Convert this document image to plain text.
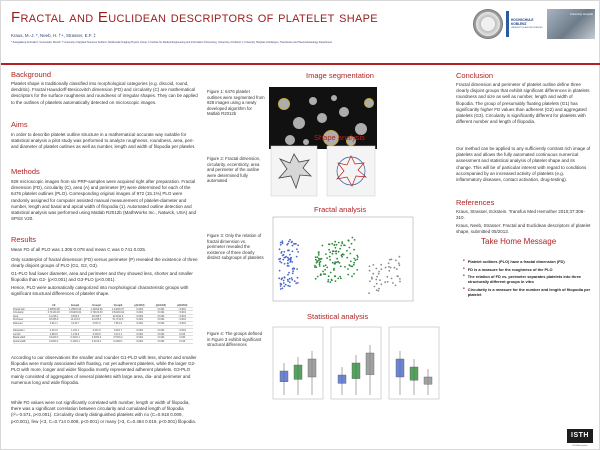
Fractal and Euclidean descriptors of platelet shape
Kraus, M.-J. *, Neeb, H. †+, Strasser, E.F. ‡
* Zweigdalerg Ambulanz, Gruenwald, Munich † University of Applied Sciences Koblenz, Multimodal Imaging Physics Group ‡ Institute for Medical Engineering and Information Processing, University of Koblenz ‡ University Hospital of Erlangen, Transfusion and Haemostaseology Department
HOCHSCHULE
KOBLENZ
UNIVERSITY OF APPLIED SCIENCES
University Hospital
Background
Platelet shape is traditionally classified into morphological categories (e.g. discoid, round, dendritic). Fractal Hausdorff-Besicovitch dimension (FD) and circularity (C) are mathematical descriptors for the surface roughness and roundness of irregular shapes. They can be applied to the outlines of platelets automatically detected on microscopic images.
Aims
In order to describe platelet outline structure in a mathematical accurate way suitable for statistical analysis a pilot study was performed to analyze roughness, roundness, area, peri- and diameter of platelet outlines as well as number, length and width of filopodia per platelet.
Methods
928 microscopic images from six PRP-samples were acquired right after preparation. Fractal dimension (FD), circularity (C), area (A) and perimeter (P) were determined for each of the 6476 platelet outlines (PLO). Corresponding original images of 972 (15.1%) PLO were randomly assigned for computer assisted manual measurement of platelet-diameter and number, length and basal and apical width of filopodia (1). Automated outline detection and statistical analysis was performed using Matlab R2012b (MathWorks Inc., Natwick, USA) and SPSS V20.
Results
Mean FD of all PLO was 1.305 0.078 and mean C was 0.741 0.025.
Only scatterplot of fractal dimension (FD) versus perimeter (P) revealed the existence of three clearly disjoint groups of PLO (G1, G2, G3).
G1-PLO had lower diameter, area and perimeter and they showed less, shorter and smaller filopodia than G2- (p<0.001) and G3-PLO (p<0.001).
Hence, PLO were automatically categorized into morphological characteristic groups with significant structural differences of platelet shape.
All	Group1	Group2	Group3	p(G1/G2)	p(G1/G3)	p(G2/G3)
Fractal dim.	1.305±0.08	1.250±0.05	1.340±0.06	1.410±0.07	<0.001	<0.001	<0.001
Circularity	0.741±0.03	0.812±0.02	0.701±0.03	0.612±0.04	<0.001	<0.001	<0.001
Area	14.2±6.1	9.8±3.2	18.4±5.7	42.6±11.3	<0.001	<0.001	<0.001
Perimeter	18.6±5.9	13.1±3.0	24.2±5.4	51.7±12.8	<0.001	<0.001	<0.001
Diameter	3.9±1.1	3.1±0.7	4.6±1.0	7.8±1.9	<0.001	<0.001	<0.001
Filopodia n	2.4±1.9	1.2±1.1	3.4±1.8	6.9±2.7	<0.001	<0.001	<0.001
Length	1.8±0.9	1.1±0.6	2.3±0.8	3.1±1.1	<0.001	<0.001	0.012
Basal width	0.42±0.2	0.31±0.1	0.48±0.2	0.57±0.2	<0.001	<0.001	0.034
Apical width	0.18±0.1	0.14±0.1	0.21±0.1	0.24±0.1	<0.001	<0.001	0.210
According to our observations the smaller and rounder G1-PLO with less, shorter and smaller filopodia were mostly associated with floating, not yet adherent platelets, while the larger G2-PLO with more, longer and wider filopodia mostly represented adherent platelets. G3-PLO mainly consisted of aggregates of several platelets with large area, dia- and perimeter and numerous long and wide filopodia.
While FD values were not significantly correlated with number, length or width of filopodia, there was a significant correlation between circularity and cumulated length of filopodia (r²=-0.571, p<0.001). Circularity clearly distinguished platelets with no (C=0.918 0.009, p<0.001), few (<3, C=0.714 0.008, p<0.001) or many (>3, C=0.484 0.019, p<0.001) filopodia.
Image segmentation
Figure 1: 6476 platelet outlines were segmented from 928 images using a newly developed algorithm for Matlab R2012b
Shape analysis
Figure 2: Fractal dimension, circularity, eccentricity, area and perimeter of the outline were determined fully automated
Fractal analysis
Figure 3: Only the relation of fractal dimension vs. perimeter revealed the existence of three clearly distinct subgroups of platelets
Statistical analysis
Figure 4: The groups defined in Figure 3 exhibit significant structural differences
Conclusion
Fractal dimension and perimeter of platelet outline define three clearly disjoint groups that exhibit significant differences in platelets roundness and size as well as number, length and width of filopodia. The group of presumably floating platelets (G1) has significantly higher FD values than adherent (G2) and aggregated platelets (G3). Circularity is significantly different for platelets with different number and length of filopodia.
Our method can be applied to any sufficiently contrast rich image of platelets and allows the fully automated continuous numerical assessment and statistical analysis of platelet shape and its change. This will be of particular interest with regard to conditions accompanied by an increased activity of platelets (e.g. inflammatory diseases, contact activation, drug-testing).
References
Kraus, Strasser, Eckstein. Transfus Med Hemother 2010;37:306-310.
Kraus, Neeb, Strasser: Fractal and Euclidean descriptors of platelet shape, submitted 05/2013.
Take Home Message
• Platelet outlines (PLO) have a fractal dimension (FD)
• FD is a measure for the roughness of the PLO
• The relation of FD vs. perimeter separates platelets into three structurally different groups in vitro
• Circularity is a measure for the number and length of filopodia per platelet
ISTH
2013 Amsterdam
